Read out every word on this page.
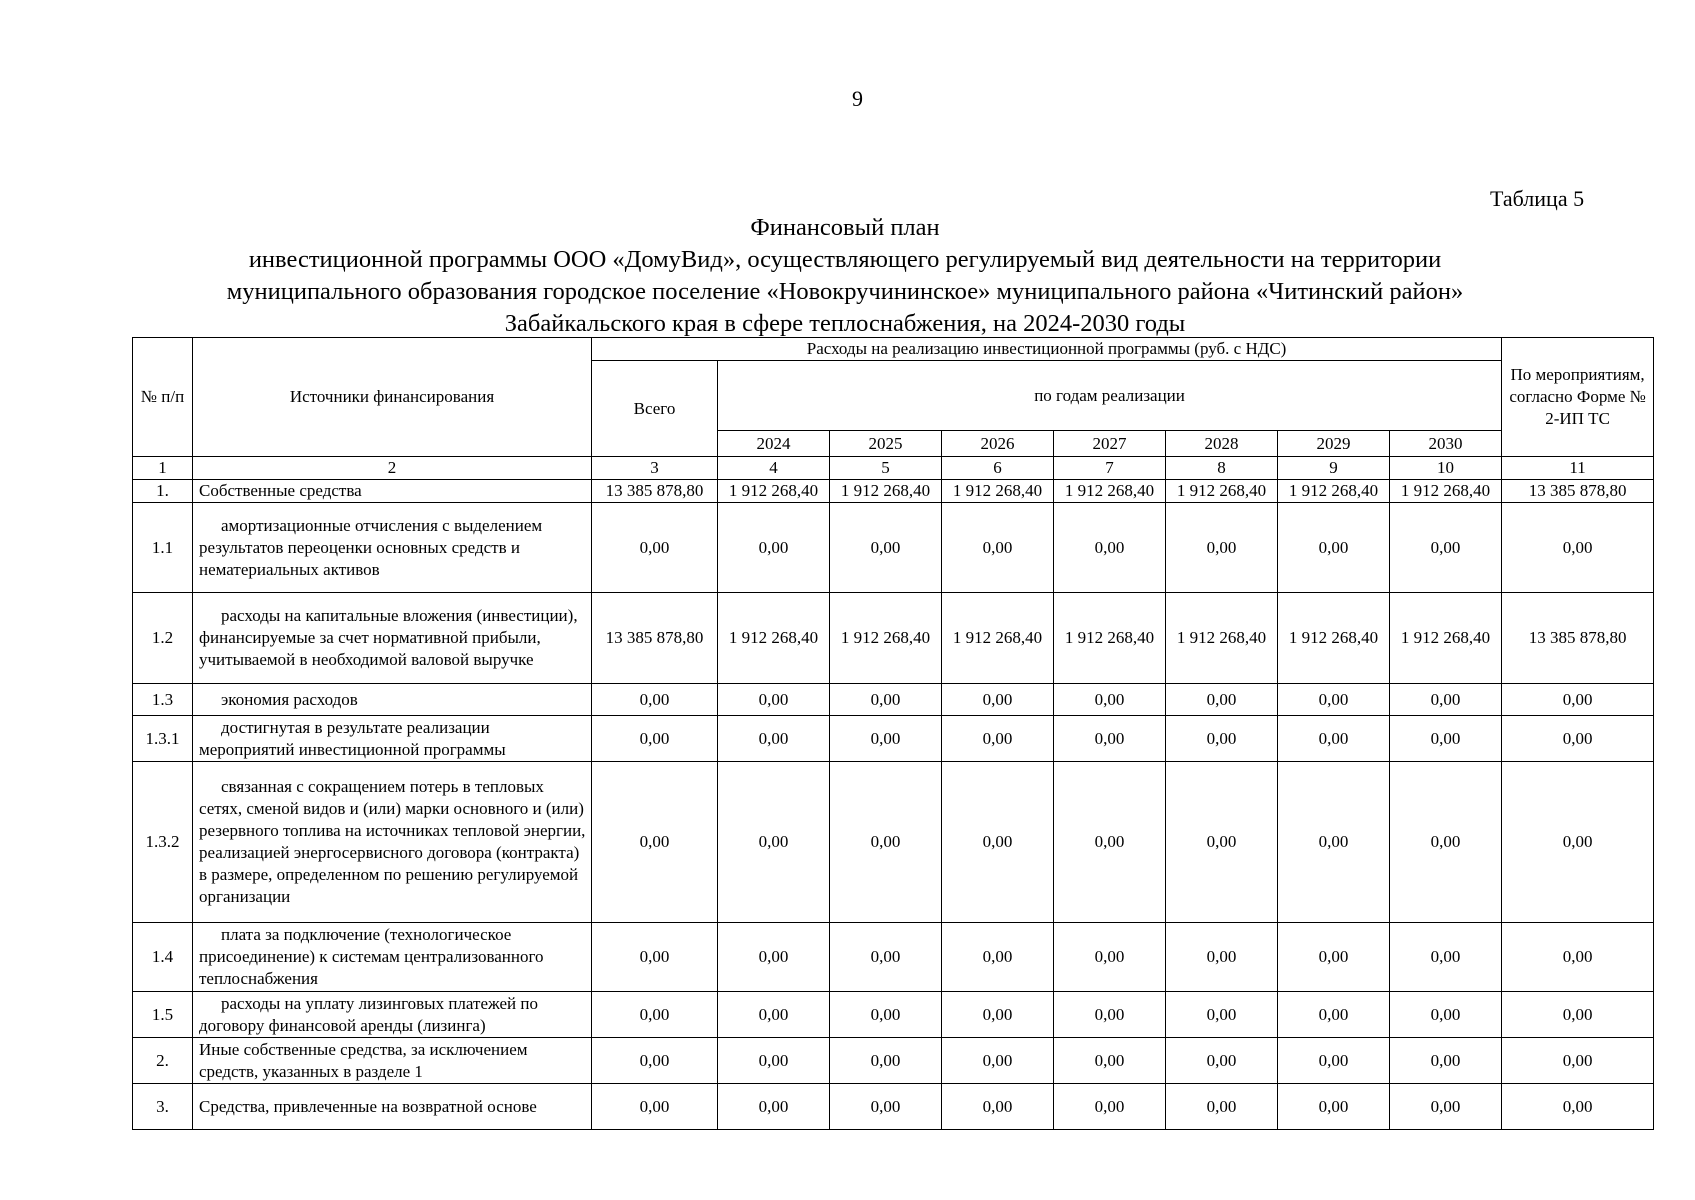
9
Таблица 5
Финансовый план
инвестиционной программы ООО «ДомуВид», осуществляющего регулируемый вид деятельности на территории
муниципального образования городское поселение «Новокручининское» муниципального района «Читинский район»
Забайкальского края в сфере теплоснабжения, на 2024-2030 годы
№ п/п	Источники финансирования	Расходы на реализацию инвестиционной программы (руб. с НДС)								По мероприятиям, согласно Форме № 2-ИП ТС
		Всего	по годам реализации							
			2024	2025	2026	2027	2028	2029	2030	
1	2	3	4	5	6	7	8	9	10	11
1.	Собственные средства	13 385 878,80	1 912 268,40	1 912 268,40	1 912 268,40	1 912 268,40	1 912 268,40	1 912 268,40	1 912 268,40	13 385 878,80
1.1	амортизационные отчисления с выделением результатов переоценки основных средств и нематериальных активов	0,00	0,00	0,00	0,00	0,00	0,00	0,00	0,00	0,00
1.2	расходы на капитальные вложения (инвестиции), финансируемые за счет нормативной прибыли, учитываемой в необходимой валовой выручке	13 385 878,80	1 912 268,40	1 912 268,40	1 912 268,40	1 912 268,40	1 912 268,40	1 912 268,40	1 912 268,40	13 385 878,80
1.3	экономия расходов	0,00	0,00	0,00	0,00	0,00	0,00	0,00	0,00	0,00
1.3.1	достигнутая в результате реализации мероприятий инвестиционной программы	0,00	0,00	0,00	0,00	0,00	0,00	0,00	0,00	0,00
1.3.2	связанная с сокращением потерь в тепловых сетях, сменой видов и (или) марки основного и (или) резервного топлива на источниках тепловой энергии, реализацией энергосервисного договора (контракта) в размере, определенном по решению регулируемой организации	0,00	0,00	0,00	0,00	0,00	0,00	0,00	0,00	0,00
1.4	плата за подключение (технологическое присоединение) к системам централизованного теплоснабжения	0,00	0,00	0,00	0,00	0,00	0,00	0,00	0,00	0,00
1.5	расходы на уплату лизинговых платежей по договору финансовой аренды (лизинга)	0,00	0,00	0,00	0,00	0,00	0,00	0,00	0,00	0,00
2.	Иные собственные средства, за исключением средств, указанных в разделе 1	0,00	0,00	0,00	0,00	0,00	0,00	0,00	0,00	0,00
3.	Средства, привлеченные на возвратной основе	0,00	0,00	0,00	0,00	0,00	0,00	0,00	0,00	0,00
